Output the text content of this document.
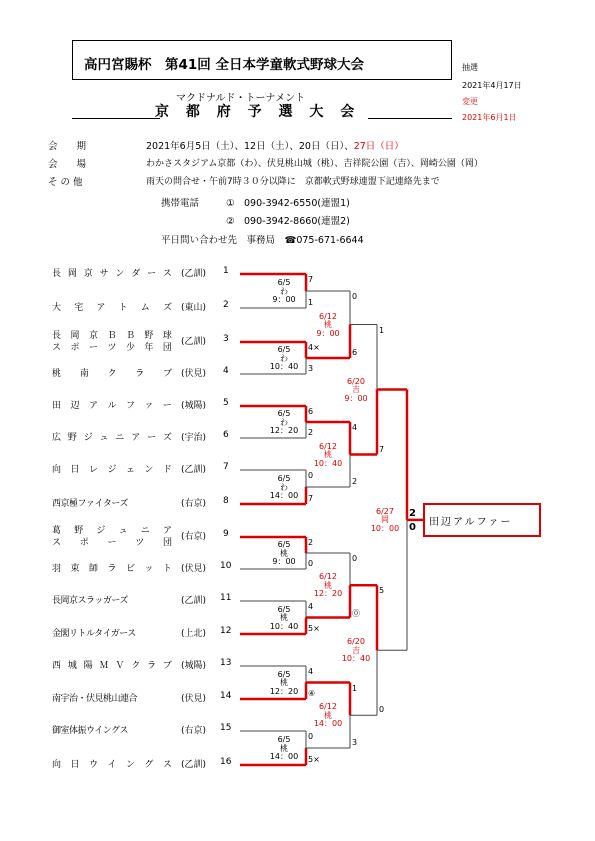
高円宮賜杯　第41回 全日本学童軟式野球大会
マクドナルド・トーナメント
京 都 府 予 選 大 会
抽選
2021年4月17日
変更
2021年6月1日
会　　期	2021年6月5日（土）、12日（土）、20日（日）、27日（日）
会　　場	わかさスタジアム京都（わ）、伏見桃山城（桃）、吉祥院公園（吉）、岡崎公園（岡）
そ の 他	雨天の問合せ・午前7時３０分以降に　京都軟式野球連盟下記連絡先まで
携帯電話	①　090-3942-6550(連盟1)
②　090-3942-8660(連盟2)
平日問い合わせ先　事務局　☎075-671-6644
長 岡 京 サ ン ダ ー ス (乙訓) 1
大 宅 ア ト ム ズ (東山) 2
長 岡 京 Ｂ Ｂ 野 球
ス ポ ー ツ 少 年 団
(乙訓) 3
桃 南 ク ラ ブ (伏見) 4
田 辺 ア ル フ ァ ー (城陽) 5
広 野 ジ ュ ニ ア ー ズ (宇治) 6
向 日 レ ジ ェ ン ド (乙訓) 7
西京極ファイターズ	(右京) 8
葛 野 ジ ュ ニ ア
ス ポ ー ツ 団
(右京) 9
羽 束 師 ラ ビ ッ ト (伏見) 10
長岡京スラッガーズ	(乙訓) 11
金閣リトルタイガース	(上北) 12
西 城 陽 Ｍ Ｖ ク ラ ブ (城陽) 13
南宇治・伏見桃山連合	(伏見) 14
御室体振ウイングス	(右京) 15
向 日 ウ イ ン グ ス (乙訓) 16
6/5
わ
9：00
7
1
6/5
わ
10：40
4×
3
6/5
わ
12：20
6
2
6/5
わ
14：00
0
7
6/5
桃
9：00
2
0
6/5
桃
10：40
4
5×
6/5
桃
12：20
4
④
6/5
桃
14：00
0
5×
6/12
桃
9：00
0
6
6/12
桃
10：40
4
2
6/12
桃
12：20
0
⓪
6/12
桃
14：00
1
3
6/20
吉
9：00
1
7
6/20
吉
10：40
5
0
6/27
岡
10：00
2
0 田辺アルファー
